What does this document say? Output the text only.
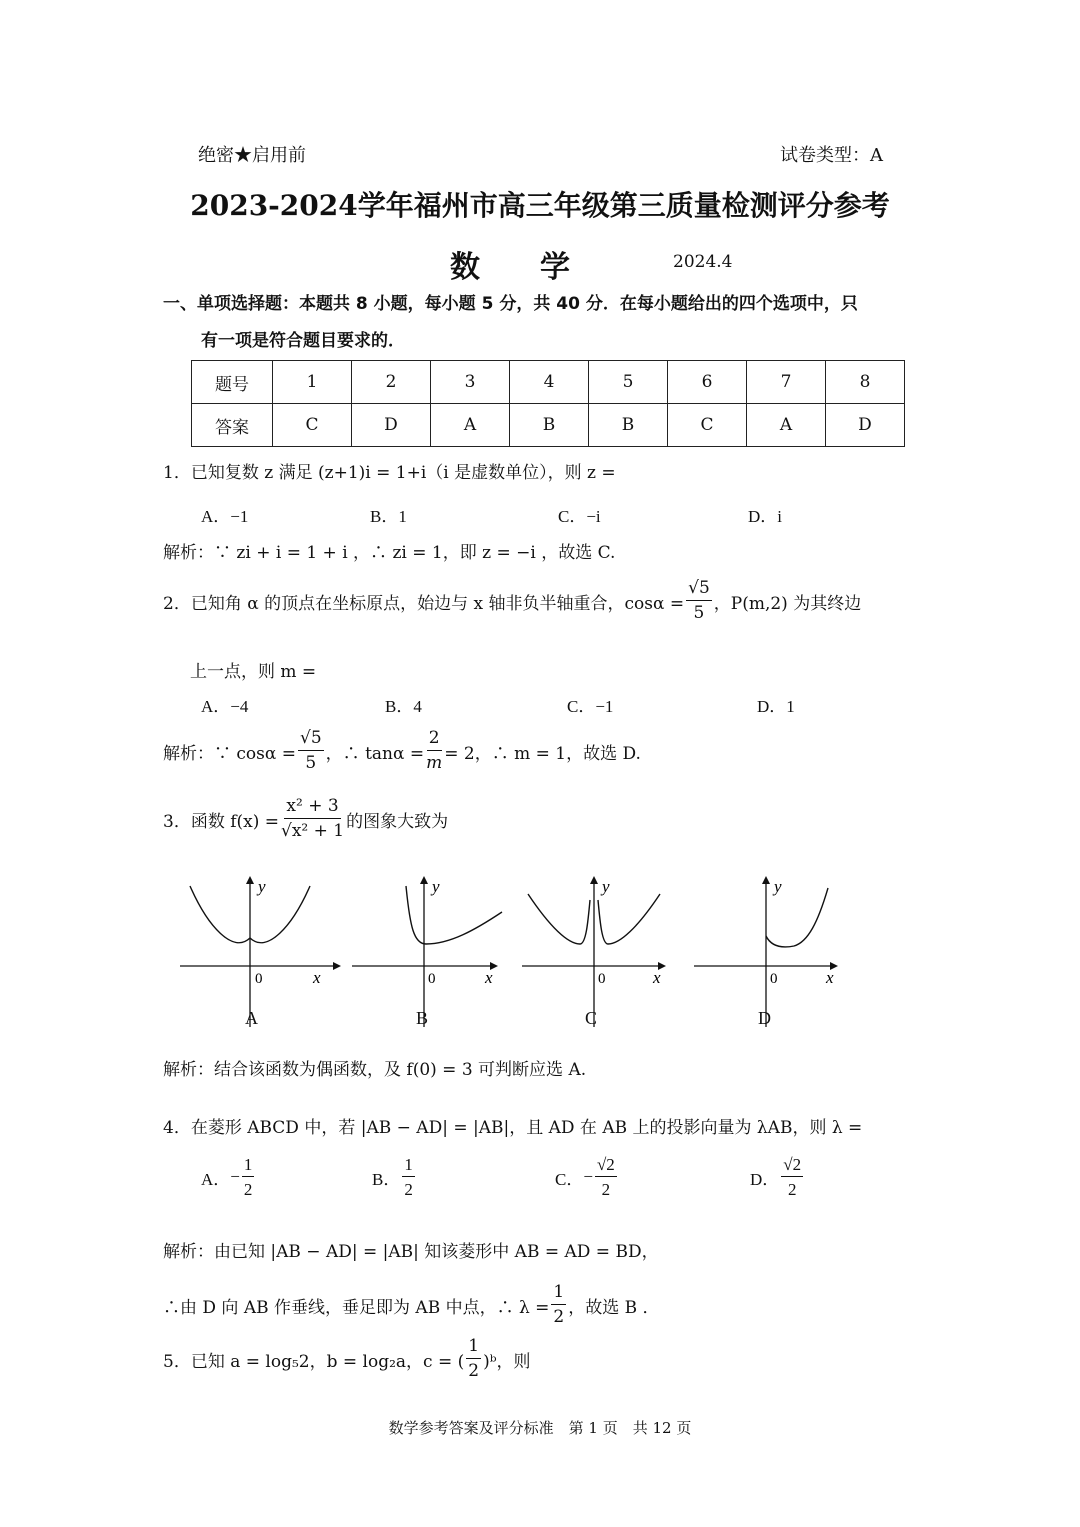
绝密★启用前	试卷类型：A
2023-2024学年福州市高三年级第三质量检测评分参考
数　　学	2024.4
一、单项选择题：本题共 8 小题，每小题 5 分，共 40 分．在每小题给出的四个选项中，只
有一项是符合题目要求的．
题号	1	2	3	4	5	6	7	8
答案	C	D	A	B	B	C	A	D
1．已知复数 z 满足 (z+1)i = 1+i（i 是虚数单位），则 z =
A．−1	B．1	C．−i	D．i
解析：∵ zi + i = 1 + i ，∴ zi = 1，即 z = −i ，故选 C.
2．已知角 α 的顶点在坐标原点，始边与 x 轴非负半轴重合，$\cos\alpha = \frac{√5}{5}$ ，P(m,2) 为其终边
上一点，则 m =
A．−4	B．4	C．−1	D．1
解析：∵ $\cos\alpha = \frac{√5}{5}$ ，∴ $\tan\alpha = \frac{2}{m} = 2$，∴ m = 1，故选 D.
3．函数 $f(x) = \frac{\text{x² + 3}}{\text{√x² + 1}}$ 的图象大致为
y
x
0
A
y
x
0
B
y
x
0
C
y
x
0
D
解析：结合该函数为偶函数，及 f(0) = 3 可判断应选 A.
4．在菱形 ABCD 中，若 |AB − AD| = |AB|，且 AD 在 AB 上的投影向量为 λAB，则 λ =
A． − $\frac{1}{2}$	B． $\frac{1}{2}$	C． − $\frac{√2}{2}$	D． $\frac{√2}{2}$
解析：由已知 |AB − AD| = |AB| 知该菱形中 AB = AD = BD，
∴由 D 向 AB 作垂线，垂足即为 AB 中点，∴ $\lambda = \frac{1}{2}$ ，故选 B ．
5．已知 a = log₅2，b = log₂a，c = ( $\frac{1}{2}$ )ᵇ，则
数学参考答案及评分标准　第 1 页　共 12 页
